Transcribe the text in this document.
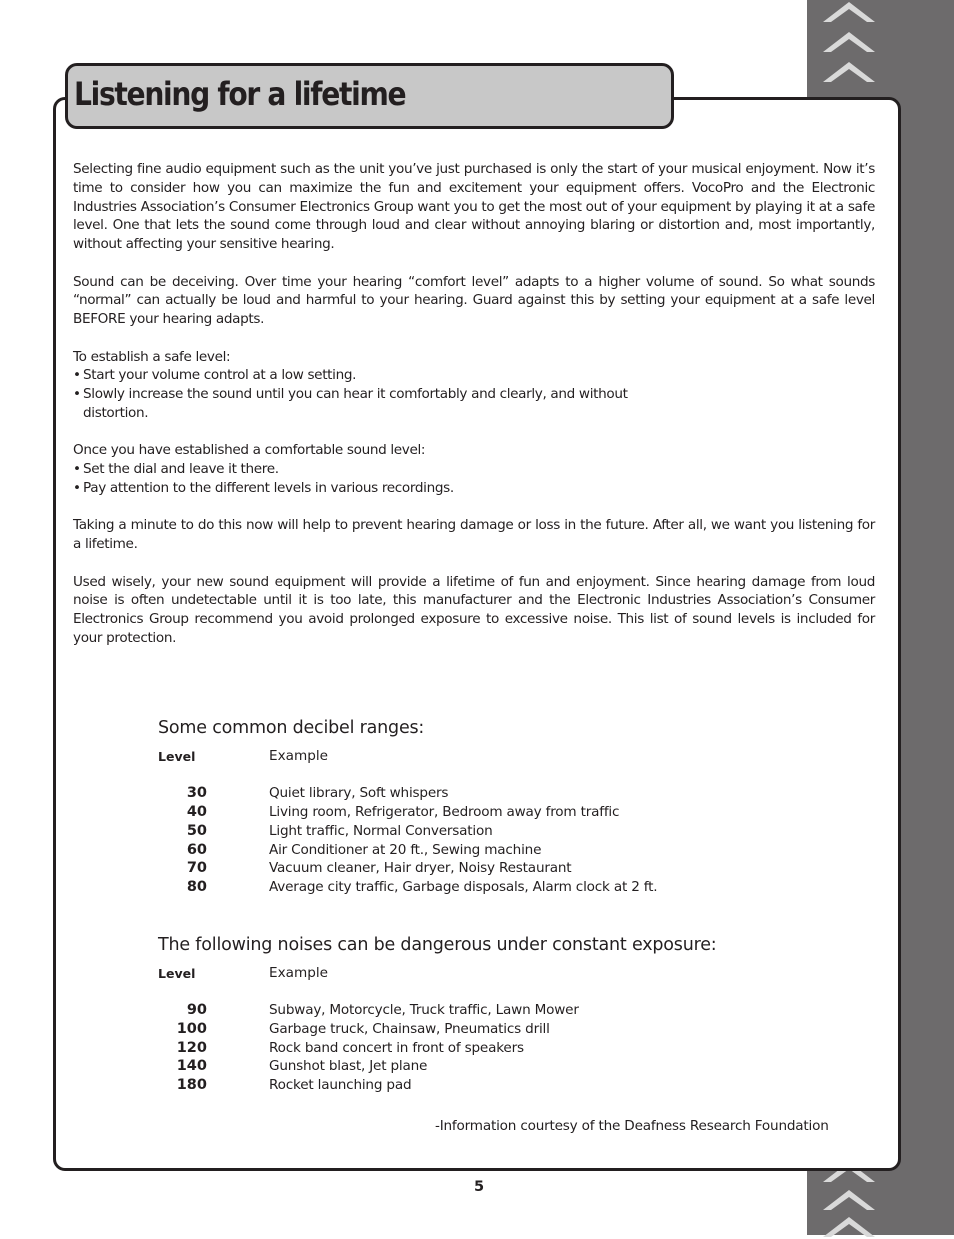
Listening for a lifetime

Selecting fine audio equipment such as the unit you’ve just purchased is only the start of your musical enjoyment. Now it’s time to consider how you can maximize the fun and excitement your equipment offers. VocoPro and the Electronic Industries Association’s Consumer Electronics Group want you to get the most out of your equipment by playing it at a safe level. One that lets the sound come through loud and clear without annoying blaring or distortion and, most importantly, without affecting your sensitive hearing.

Sound can be deceiving. Over time your hearing “comfort level” adapts to a higher volume of sound. So what sounds “normal” can actually be loud and harmful to your hearing. Guard against this by setting your equipment at a safe level BEFORE your hearing adapts.

To establish a safe level:
• Start your volume control at a low setting.
• Slowly increase the sound until you can hear it comfortably and clearly, and without
distortion.
Once you have established a comfortable sound level:
• Set the dial and leave it there.
• Pay attention to the different levels in various recordings.

Taking a minute to do this now will help to prevent hearing damage or loss in the future. After all, we want you listening for a lifetime.

Used wisely, your new sound equipment will provide a lifetime of fun and enjoyment. Since hearing damage from loud noise is often undetectable until it is too late, this manufacturer and the Electronic Industries Association’s Consumer Electronics Group recommend you avoid prolonged exposure to excessive noise. This list of sound levels is included for your protection.

Some common decibel ranges:
Level	Example
30	Quiet library, Soft whispers
40	Living room, Refrigerator, Bedroom away from traffic
50	Light traffic, Normal Conversation
60	Air Conditioner at 20 ft., Sewing machine
70	Vacuum cleaner, Hair dryer, Noisy Restaurant
80	Average city traffic, Garbage disposals, Alarm clock at 2 ft.
The following noises can be dangerous under constant exposure:
Level	Example
90	Subway, Motorcycle, Truck traffic, Lawn Mower
100	Garbage truck, Chainsaw, Pneumatics drill
120	Rock band concert in front of speakers
140	Gunshot blast, Jet plane
180	Rocket launching pad
-Information courtesy of the Deafness Research Foundation
5
